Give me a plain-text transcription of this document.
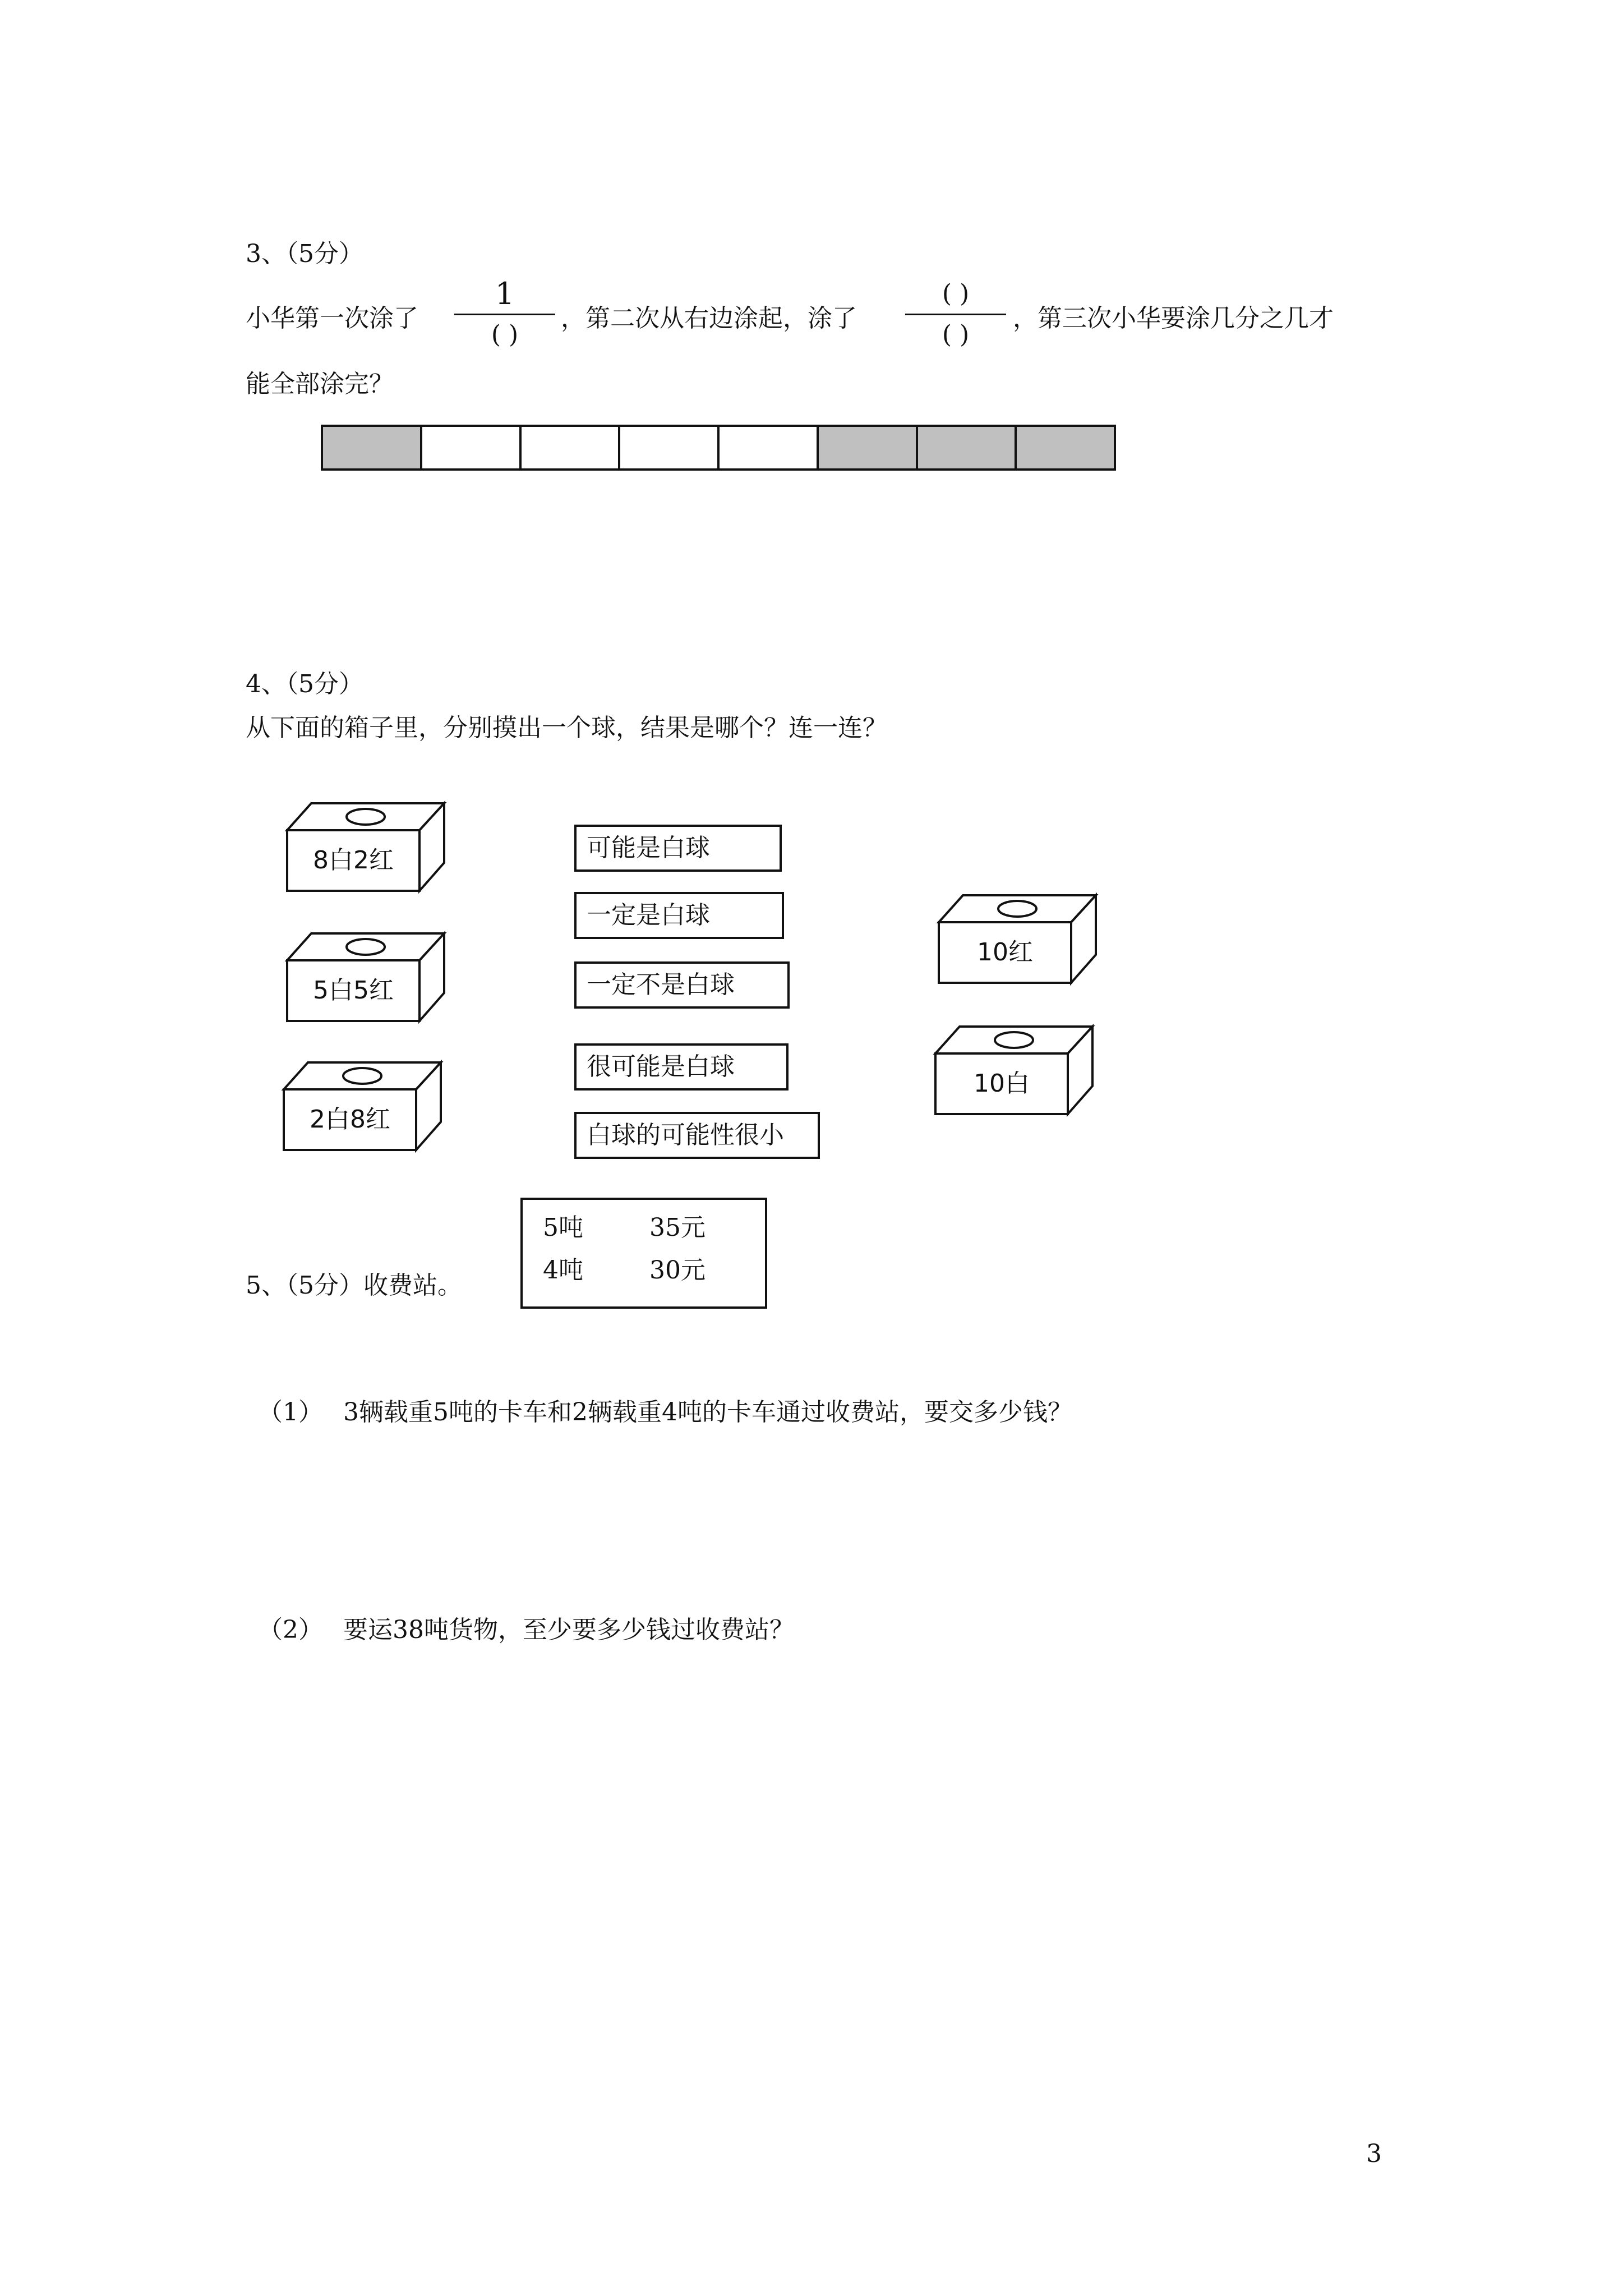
3、（5分）
小华第一次涂了
1
( )
，第二次从右边涂起，涂了
( )
( )
，第三次小华要涂几分之几才
能全部涂完？
4、（5分）
从下面的箱子里，分别摸出一个球，结果是哪个？连一连？
8白2红
5白5红
2白8红
10红
10白
可能是白球
一定是白球
一定不是白球
很可能是白球
白球的可能性很小
5、（5分）收费站。
5吨	35元
4吨	30元
（1） 3辆载重5吨的卡车和2辆载重4吨的卡车通过收费站，要交多少钱？
（2） 要运38吨货物，至少要多少钱过收费站？
3
